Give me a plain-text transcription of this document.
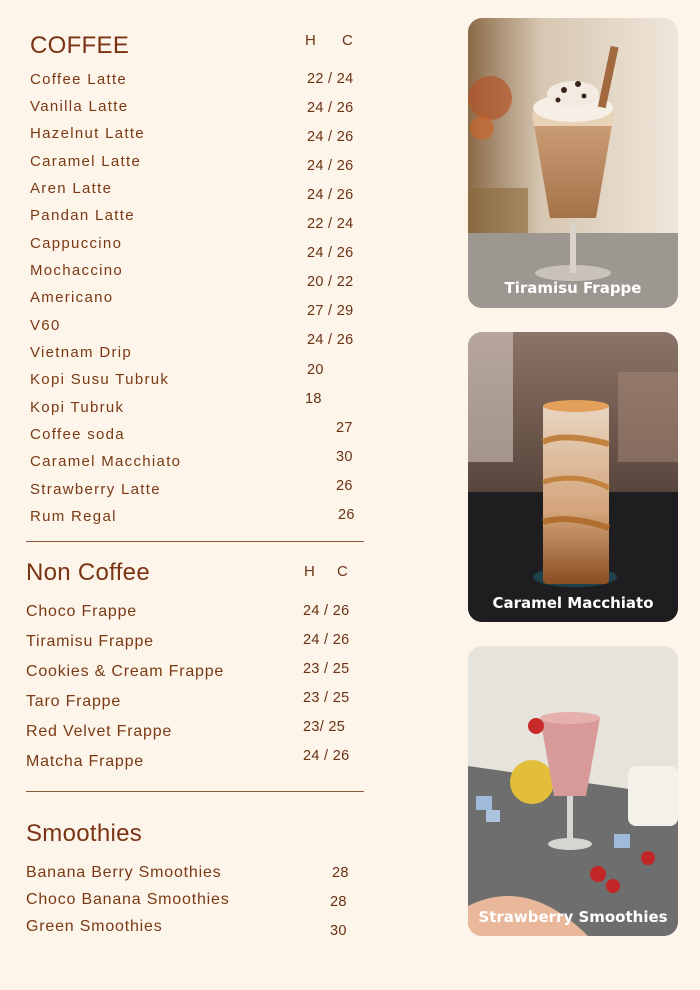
COFFEE	H C
Coffee Latte
Vanilla Latte
Hazelnut Latte
Caramel Latte
Aren Latte
Pandan Latte
Cappuccino
Mochaccino
Americano
V60
Vietnam Drip
Kopi Susu Tubruk
Kopi Tubruk
Coffee soda
Caramel Macchiato
Strawberry Latte
Rum Regal
22 / 24
24 / 26
24 / 26
24 / 26
24 / 26
22 / 24
24 / 26
20 / 22
27 / 29
24 / 26
20
18
27
30
26
26
Non Coffee	H C
Choco Frappe
Tiramisu Frappe
Cookies & Cream Frappe
Taro Frappe
Red Velvet Frappe
Matcha Frappe
24 / 26
24 / 26
23 / 25
23 / 25
23/ 25
24 / 26
Smoothies
Banana Berry Smoothies
Choco Banana Smoothies
Green Smoothies
28
28
30
Tiramisu Frappe
Caramel Macchiato
Strawberry Smoothies
